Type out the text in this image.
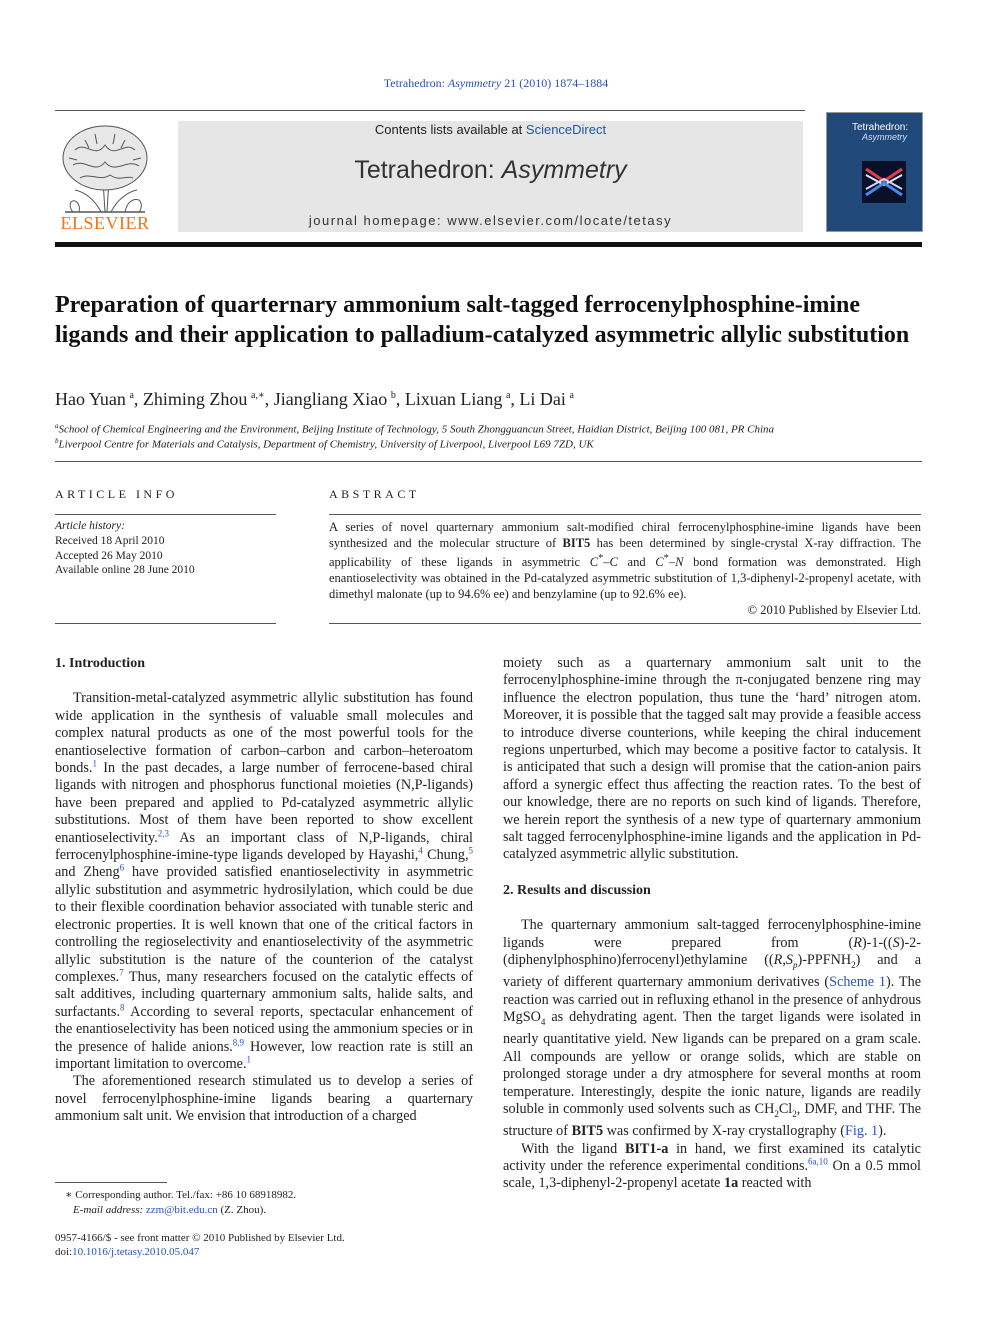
Tetrahedron: Asymmetry 21 (2010) 1874–1884
ELSEVIER
Contents lists available at ScienceDirect
Tetrahedron: Asymmetry
journal homepage: www.elsevier.com/locate/tetasy
Tetrahedron:
Asymmetry
Preparation of quarternary ammonium salt-tagged ferrocenylphosphine-imine ligands and their application to palladium-catalyzed asymmetric allylic substitution
Hao Yuan  $^a$, Zhiming Zhou  $^{a,∗}$, Jiangliang Xiao  $^b$, Lixuan Liang  $^a$, Li Dai  $^a$
$^a$School of Chemical Engineering and the Environment, Beijing Institute of Technology, 5 South Zhongguancun Street, Haidian District, Beijing 100 081, PR China
$^b$Liverpool Centre for Materials and Catalysis, Department of Chemistry, University of Liverpool, Liverpool L69 7ZD, UK
ARTICLE INFO
Article history:
Received 18 April 2010
Accepted 26 May 2010
Available online 28 June 2010
ABSTRACT
A series of novel quarternary ammonium salt-modified chiral ferrocenylphosphine-imine ligands have been synthesized and the molecular structure of BIT5 has been determined by single-crystal X-ray diffraction. The applicability of these ligands in asymmetric C*–C and C*–N bond formation was demonstrated. High enantioselectivity was obtained in the Pd-catalyzed asymmetric substitution of 1,3-diphenyl-2-propenyl acetate, with dimethyl malonate (up to 94.6% ee) and benzylamine (up to 92.6% ee).
© 2010 Published by Elsevier Ltd.
1. Introduction

Transition-metal-catalyzed asymmetric allylic substitution has found wide application in the synthesis of valuable small molecules and complex natural products as one of the most powerful tools for the enantioselective formation of carbon–carbon and carbon–heteroatom bonds.$^1$ In the past decades, a large number of ferrocene-based chiral ligands with nitrogen and phosphorus functional moieties (N,P-ligands) have been prepared and applied to Pd-catalyzed asymmetric allylic substitutions. Most of them have been reported to show excellent enantioselectivity.$^{2,3}$ As an important class of N,P-ligands, chiral ferrocenylphosphine-imine-type ligands developed by Hayashi,$^4$ Chung,$^5$ and Zheng$^6$ have provided satisfied enantioselectivity in asymmetric allylic substitution and asymmetric hydrosilylation, which could be due to their flexible coordination behavior associated with tunable steric and electronic properties. It is well known that one of the critical factors in controlling the regioselectivity and enantioselectivity of the asymmetric allylic substitution is the nature of the counterion of the catalyst complexes.$^7$ Thus, many researchers focused on the catalytic effects of salt additives, including quarternary ammonium salts, halide salts, and surfactants.$^8$ According to several reports, spectacular enhancement of the enantioselectivity has been noticed using the ammonium species or in the presence of halide anions.$^{8,9}$ However, low reaction rate is still an important limitation to overcome.$^1$

The aforementioned research stimulated us to develop a series of novel ferrocenylphosphine-imine ligands bearing a quarternary ammonium salt unit. We envision that introduction of a charged

∗ Corresponding author. Tel./fax: +86 10 68918982.
E-mail address: zzm@bit.edu.cn (Z. Zhou).
0957-4166/$ - see front matter © 2010 Published by Elsevier Ltd.
doi:10.1016/j.tetasy.2010.05.047
moiety such as a quarternary ammonium salt unit to the ferrocenylphosphine-imine through the π-conjugated benzene ring may influence the electron population, thus tune the ‘hard’ nitrogen atom. Moreover, it is possible that the tagged salt may provide a feasible access to introduce diverse counterions, while keeping the chiral inducement regions unperturbed, which may become a positive factor to catalysis. It is anticipated that such a design will promise that the cation-anion pairs afford a synergic effect thus affecting the reaction rates. To the best of our knowledge, there are no reports on such kind of ligands. Therefore, we herein report the synthesis of a new type of quarternary ammonium salt tagged ferrocenylphosphine-imine ligands and the application in Pd-catalyzed asymmetric allylic substitution.
2. Results and discussion

The quarternary ammonium salt-tagged ferrocenylphosphine-imine ligands were prepared from (R)-1-((S)-2-(diphenylphosphino)ferrocenyl)ethylamine $((R,S_p)-PPFNH_2)$ and a variety of different quarternary ammonium derivatives (Scheme 1). The reaction was carried out in refluxing ethanol in the presence of anhydrous MgSO$_4$ as dehydrating agent. Then the target ligands were isolated in nearly quantitative yield. New ligands can be prepared on a gram scale. All compounds are yellow or orange solids, which are stable on prolonged storage under a dry atmosphere for several months at room temperature. Interestingly, despite the ionic nature, ligands are readily soluble in commonly used solvents such as $CH_2Cl_2$, DMF, and THF. The structure of BIT5 was confirmed by X-ray crystallography (Fig. 1).

With the ligand BIT1-a in hand, we first examined its catalytic activity under the reference experimental conditions.$^{6a,10}$ On a 0.5 mmol scale, 1,3-diphenyl-2-propenyl acetate 1a reacted with
